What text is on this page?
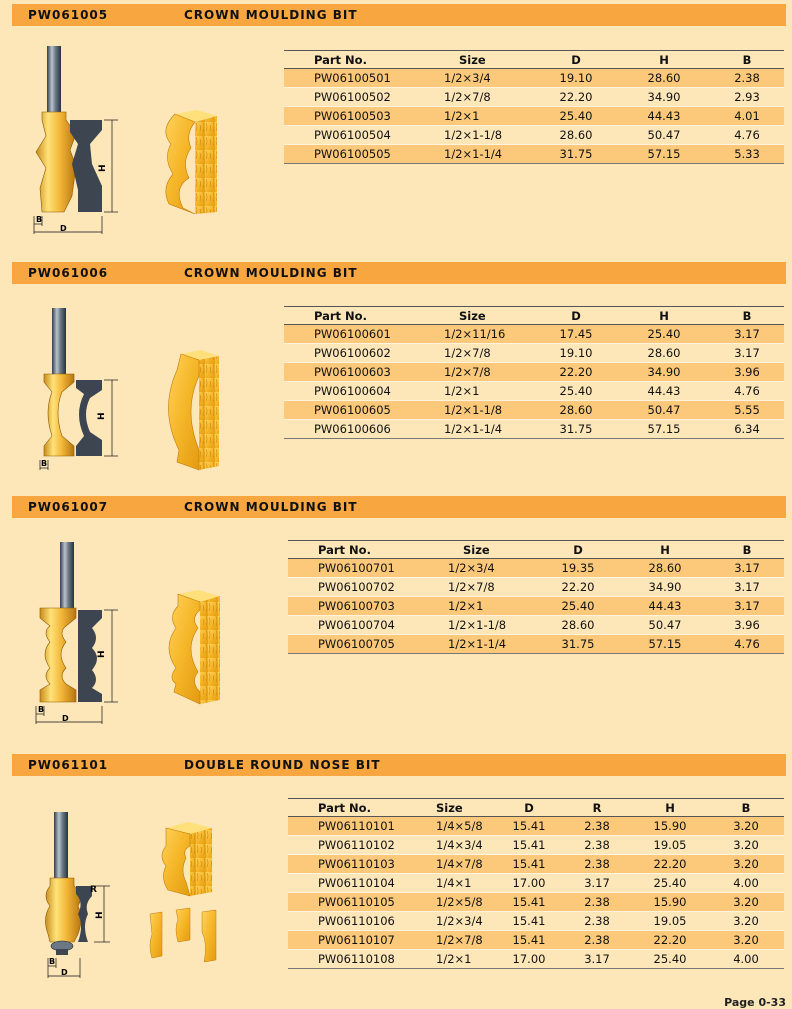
PW061005	CROWN MOULDING BIT
H
B
D
Part No.	Size	D	H	B
PW06100501	1/2×3/4	19.10	28.60	2.38
PW06100502	1/2×7/8	22.20	34.90	2.93
PW06100503	1/2×1	25.40	44.43	4.01
PW06100504	1/2×1-1/8	28.60	50.47	4.76
PW06100505	1/2×1-1/4	31.75	57.15	5.33
PW061006	CROWN MOULDING BIT
H
B
Part No.	Size	D	H	B
PW06100601	1/2×11/16	17.45	25.40	3.17
PW06100602	1/2×7/8	19.10	28.60	3.17
PW06100603	1/2×7/8	22.20	34.90	3.96
PW06100604	1/2×1	25.40	44.43	4.76
PW06100605	1/2×1-1/8	28.60	50.47	5.55
PW06100606	1/2×1-1/4	31.75	57.15	6.34
PW061007	CROWN MOULDING BIT
H
B
D
Part No.	Size	D	H	B
PW06100701	1/2×3/4	19.35	28.60	3.17
PW06100702	1/2×7/8	22.20	34.90	3.17
PW06100703	1/2×1	25.40	44.43	3.17
PW06100704	1/2×1-1/8	28.60	50.47	3.96
PW06100705	1/2×1-1/4	31.75	57.15	4.76
PW061101	DOUBLE ROUND NOSE BIT
R
H
B
D
Part No.	Size	D	R	H	B
PW06110101	1/4×5/8	15.41	2.38	15.90	3.20
PW06110102	1/4×3/4	15.41	2.38	19.05	3.20
PW06110103	1/4×7/8	15.41	2.38	22.20	3.20
PW06110104	1/4×1	17.00	3.17	25.40	4.00
PW06110105	1/2×5/8	15.41	2.38	15.90	3.20
PW06110106	1/2×3/4	15.41	2.38	19.05	3.20
PW06110107	1/2×7/8	15.41	2.38	22.20	3.20
PW06110108	1/2×1	17.00	3.17	25.40	4.00
Page 0-33
